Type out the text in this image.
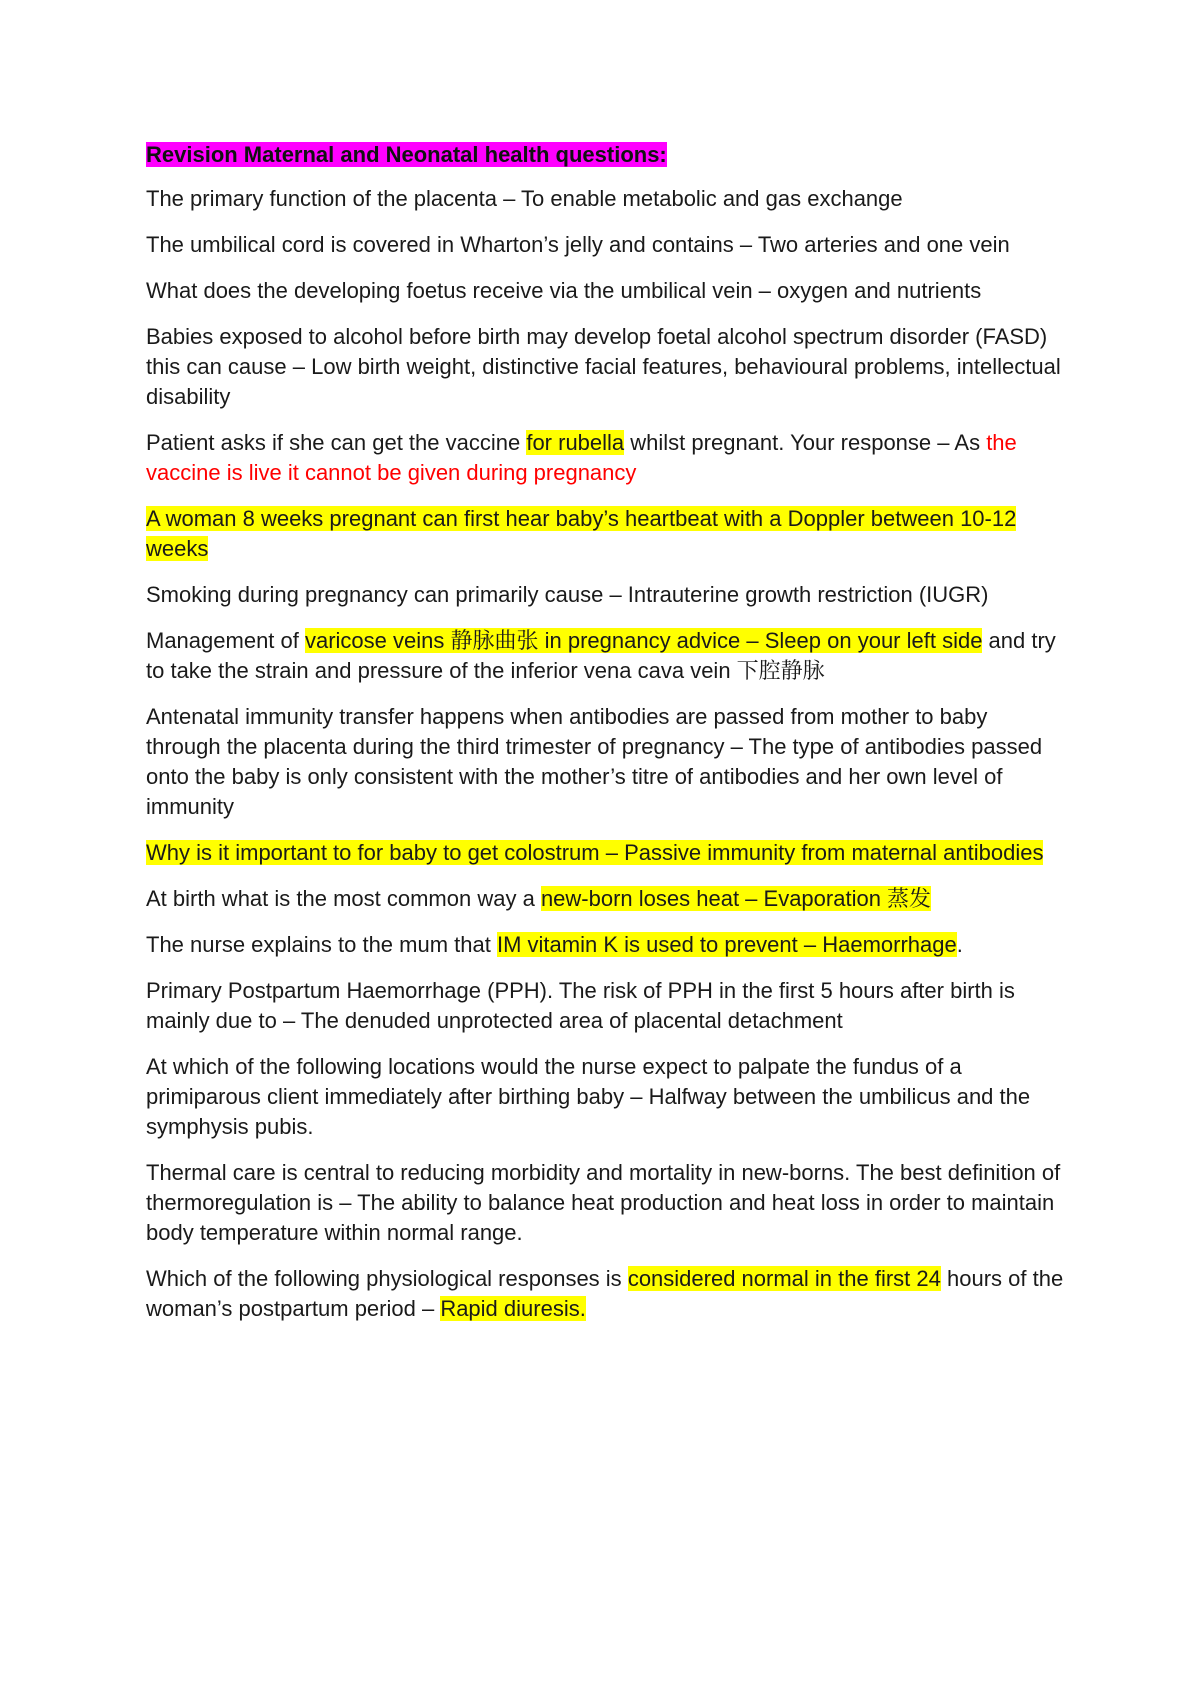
Revision Maternal and Neonatal health questions:

The primary function of the placenta – To enable metabolic and gas exchange

The umbilical cord is covered in Wharton’s jelly and contains – Two arteries and one vein

What does the developing foetus receive via the umbilical vein – oxygen and nutrients

Babies exposed to alcohol before birth may develop foetal alcohol spectrum disorder (FASD) this can cause – Low birth weight, distinctive facial features, behavioural problems, intellectual disability

Patient asks if she can get the vaccine for rubella whilst pregnant. Your response – As the vaccine is live it cannot be given during pregnancy

A woman 8 weeks pregnant can first hear baby’s heartbeat with a Doppler between 10-12 weeks

Smoking during pregnancy can primarily cause – Intrauterine growth restriction (IUGR)

Management of varicose veins 静脉曲张 in pregnancy advice – Sleep on your left side and try to take the strain and pressure of the inferior vena cava vein 下腔静脉

Antenatal immunity transfer happens when antibodies are passed from mother to baby through the placenta during the third trimester of pregnancy – The type of antibodies passed onto the baby is only consistent with the mother’s titre of antibodies and her own level of immunity

Why is it important to for baby to get colostrum – Passive immunity from maternal antibodies

At birth what is the most common way a new-born loses heat – Evaporation 蒸发

The nurse explains to the mum that IM vitamin K is used to prevent – Haemorrhage.

Primary Postpartum Haemorrhage (PPH). The risk of PPH in the first 5 hours after birth is mainly due to – The denuded unprotected area of placental detachment

At which of the following locations would the nurse expect to palpate the fundus of a primiparous client immediately after birthing baby – Halfway between the umbilicus and the symphysis pubis.

Thermal care is central to reducing morbidity and mortality in new-borns. The best definition of thermoregulation is – The ability to balance heat production and heat loss in order to maintain body temperature within normal range.

Which of the following physiological responses is considered normal in the first 24 hours of the woman’s postpartum period – Rapid diuresis.
